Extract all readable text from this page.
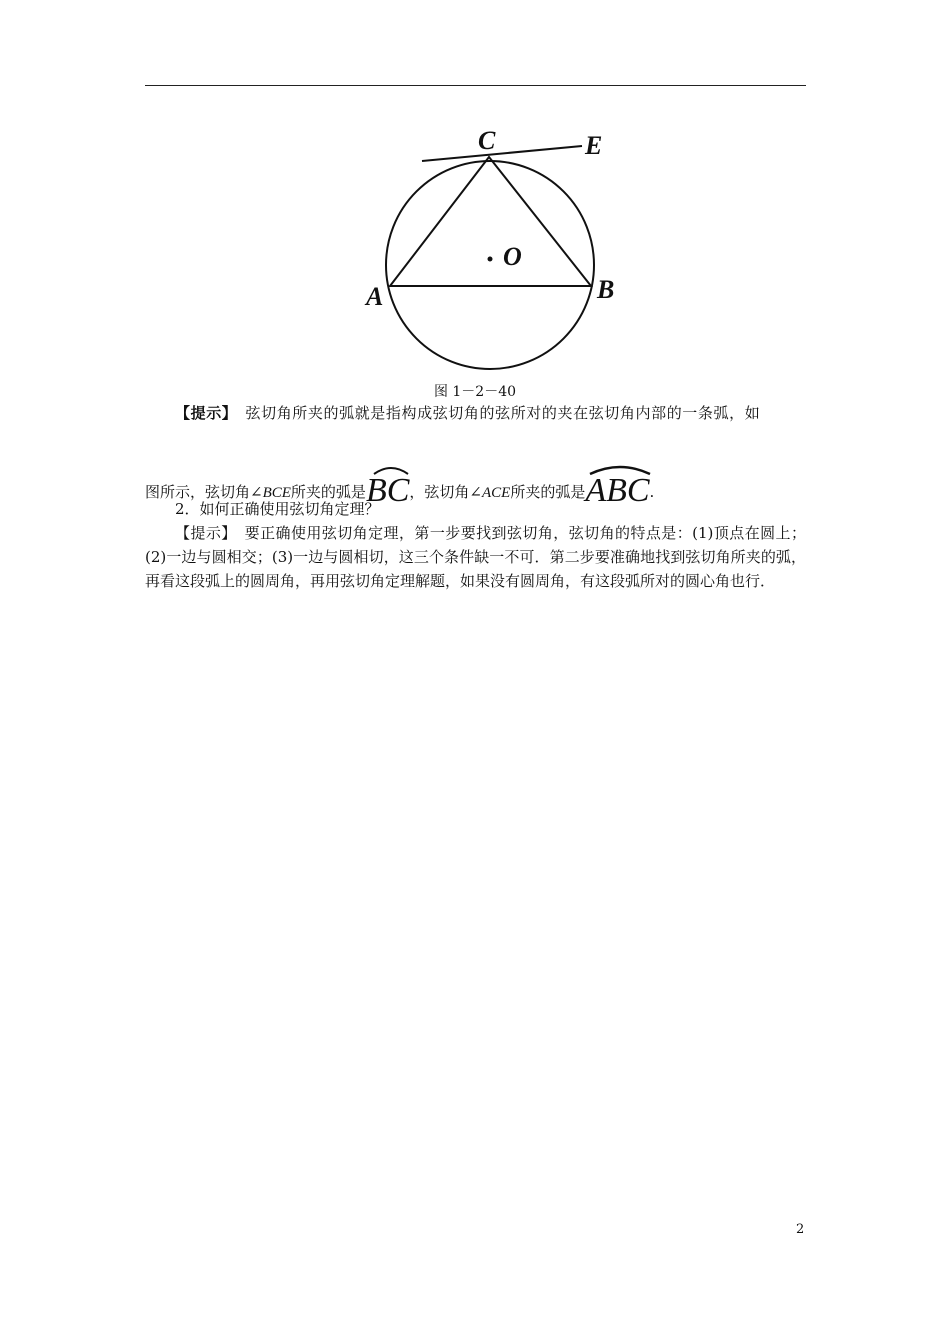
C	E
O
A	B
图 1－2－40
【提示】　弦切角所夹的弧就是指构成弦切角的弦所对的夹在弦切角内部的一条弧，如
图所示，弦切角∠BCE所夹的弧是
BC，弦切角∠ACE所夹的弧是
ABC.
2．如何正确使用弦切角定理？
【提示】　要正确使用弦切角定理，第一步要找到弦切角，弦切角的特点是：(1)顶点在圆上；(2)一边与圆相交；(3)一边与圆相切，这三个条件缺一不可．第二步要准确地找到弦切角所夹的弧，再看这段弧上的圆周角，再用弦切角定理解题，如果没有圆周角，有这段弧所对的圆心角也行．
2
